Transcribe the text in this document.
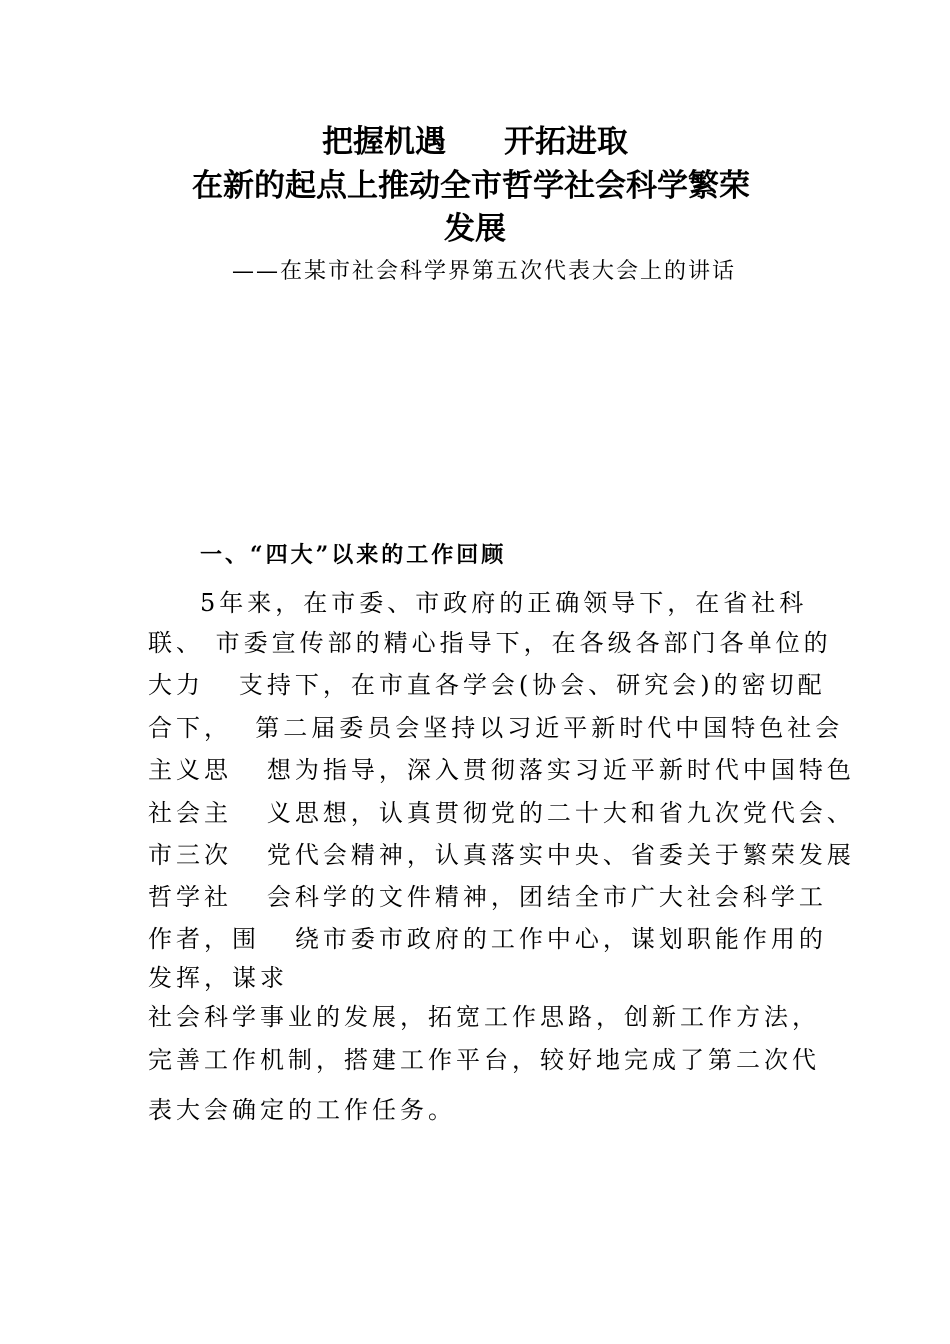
把握机遇 开拓进取
在新的起点上推动全市哲学社会科学繁荣
发展
——在某市社会科学界第五次代表大会上的讲话
一、“四大”以来的工作回顾
5年来，在市委、市政府的正确领导下，在省社科
联、 市委宣传部的精心指导下，在各级各部门各单位的
大力   支持下，在市直各学会(协会、研究会)的密切配
合下，  第二届委员会坚持以习近平新时代中国特色社会
主义思   想为指导，深入贯彻落实习近平新时代中国特色
社会主   义思想，认真贯彻党的二十大和省九次党代会、
市三次   党代会精神，认真落实中央、省委关于繁荣发展
哲学社   会科学的文件精神，团结全市广大社会科学工
作者，围   绕市委市政府的工作中心，谋划职能作用的
发挥，谋求
社会科学事业的发展，拓宽工作思路，创新工作方法，
完善工作机制，搭建工作平台，较好地完成了第二次代
表大会确定的工作任务。
